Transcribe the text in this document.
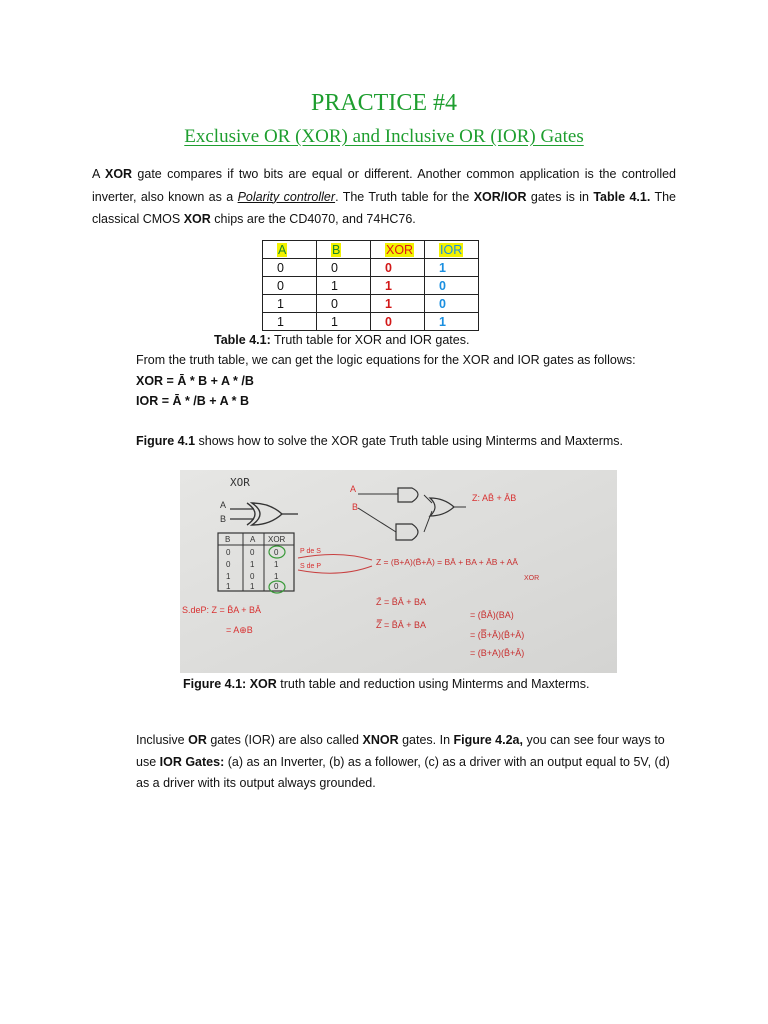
PRACTICE #4
Exclusive OR (XOR) and Inclusive OR (IOR) Gates
A XOR gate compares if two bits are equal or different. Another common application is the controlled inverter, also known as a Polarity controller. The Truth table for the XOR/IOR gates is in Table 4.1. The classical CMOS XOR chips are the CD4070, and 74HC76.
A	B	XOR	IOR
0	0	0	1
0	1	1	0
1	0	1	0
1	1	0	1
Table 4.1: Truth table for XOR and IOR gates.
From the truth table, we can get the logic equations for the XOR and IOR gates as follows:
XOR = Ā * B + A * /B
IOR = Ā * /B + A * B
Figure 4.1 shows how to solve the XOR gate Truth table using Minterms and Maxterms.
XOR
A
B
B A XOR
0 0 0
0 1 1
1 0 1
1 1 0
P de S
S de P
A
B
Z: AB̄ + ĀB
Z = (B+A)(B̄+Ā) = BĀ + BA + ĀB + AĀ
XOR
S.deP: Z = B̄A + BĀ
= A⊕B
Z̄ = B̄Ā + BA
Z̿ = B̄Ā + BA
= (B̄Ā)(BA)
= (B̿+Ā̄)(B̄+Ā)
= (B+A)(B̄+Ā)
Figure 4.1: XOR truth table and reduction using Minterms and Maxterms.
Inclusive OR gates (IOR) are also called XNOR gates. In Figure 4.2a, you can see four ways to use IOR Gates: (a) as an Inverter, (b) as a follower, (c) as a driver with an output equal to 5V, (d) as a driver with its output always grounded.
